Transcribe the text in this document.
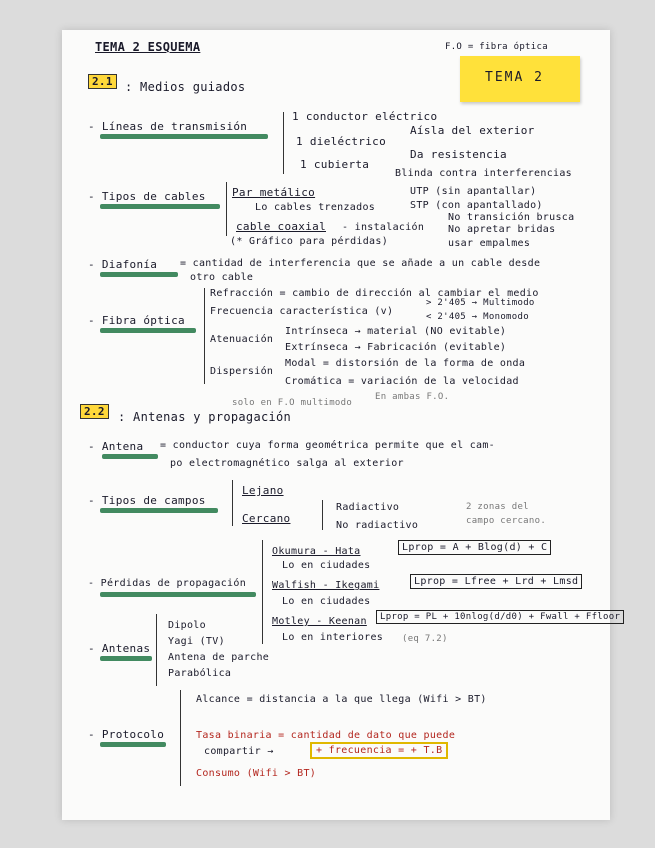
TEMA 2 ESQUEMA	F.O = fibra óptica
TEMA 2
2.1	: Medios guiados
- Líneas de transmisión
1 conductor eléctrico
1 dieléctrico
1 cubierta
Aísla del exterior
Da resistencia
Blinda contra interferencias
- Tipos de cables Par metálico
Lo cables trenzados
UTP (sin apantallar)
STP (con apantallado)
cable coaxial - instalación
No transición brusca
No apretar bridas
usar empalmes
(* Gráfico para pérdidas)
- Diafonía = cantidad de interferencia que se añade a un cable desde
otro cable
- Fibra óptica
Refracción = cambio de dirección al cambiar el medio
Frecuencia característica (v)
> 2'405 → Multimodo
< 2'405 → Monomodo
Atenuación
Intrínseca → material (NO evitable)
Extrínseca → Fabricación (evitable)
Dispersión
Modal = distorsión de la forma de onda
Cromática = variación de la velocidad
solo en F.O multimodo
En ambas F.O.
2.2	: Antenas y propagación
- Antena = conductor cuya forma geométrica permite que el cam-
po electromagnético salga al exterior
- Tipos de campos
Lejano
Cercano
Radiactivo
No radiactivo
2 zonas del
campo cercano.
- Pérdidas de propagación
Okumura - Hata	Lprop = A + Blog(d) + C
Lo en ciudades
Walfish - Ikegami	Lprop = Lfree + Lrd + Lmsd
Lo en ciudades
Motley - Keenan	Lprop = PL + 10nlog(d/d0) + Fwall + Ffloor
Lo en interiores (eq 7.2)
- Antenas
Dipolo
Yagi (TV)
Antena de parche
Parabólica
- Protocolo
Alcance = distancia a la que llega (Wifi > BT)
Tasa binaria = cantidad de dato que puede
compartir →	+ frecuencia = + T.B
Consumo (Wifi > BT)
